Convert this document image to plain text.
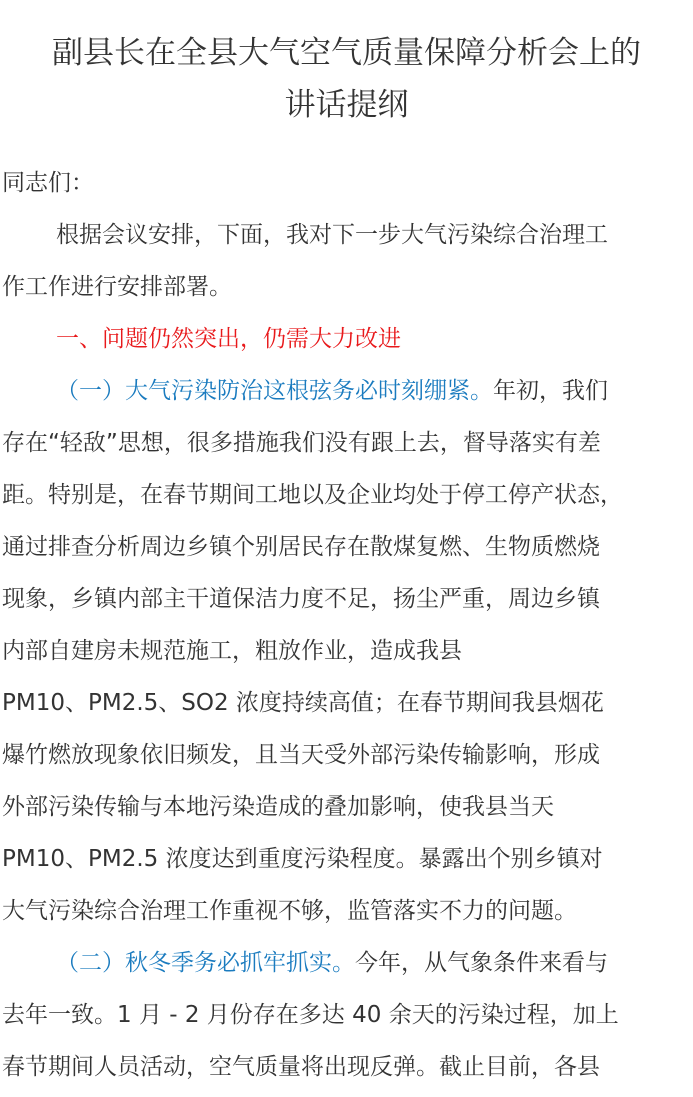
副县长在全县大气空气质量保障分析会上的
讲话提纲
同志们：
根据会议安排，下面，我对下一步大气污染综合治理工
作工作进行安排部署。
一、问题仍然突出，仍需大力改进
（一）大气污染防治这根弦务必时刻绷紧。年初，我们
存在“轻敌”思想，很多措施我们没有跟上去，督导落实有差
距。特别是，在春节期间工地以及企业均处于停工停产状态，
通过排查分析周边乡镇个别居民存在散煤复燃、生物质燃烧
现象，乡镇内部主干道保洁力度不足，扬尘严重，周边乡镇
内部自建房未规范施工，粗放作业，造成我县
PM10、PM2.5、SO2 浓度持续高值；在春节期间我县烟花
爆竹燃放现象依旧频发，且当天受外部污染传输影响，形成
外部污染传输与本地污染造成的叠加影响，使我县当天
PM10、PM2.5 浓度达到重度污染程度。暴露出个别乡镇对
大气污染综合治理工作重视不够，监管落实不力的问题。
（二）秋冬季务必抓牢抓实。今年，从气象条件来看与
去年一致。1 月 - 2 月份存在多达 40 余天的污染过程，加上
春节期间人员活动，空气质量将出现反弹。截止目前，各县
